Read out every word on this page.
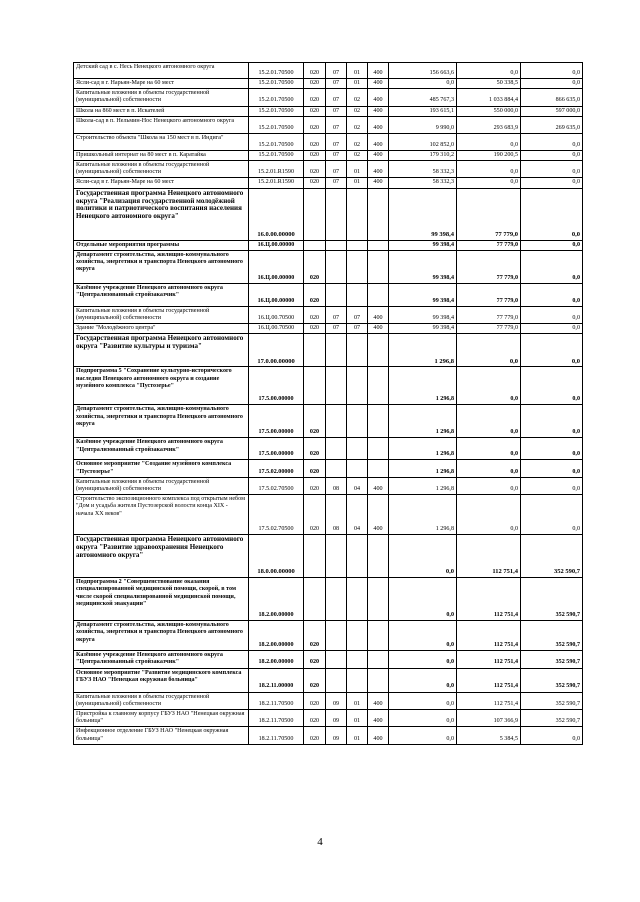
Детский сад в с. Несь Ненецкого автономного округа	15.2.01.70500	020	07	01	400	156 663,6	0,0	0,0
Ясли-сад в г. Нарьян-Маре на 60 мест	15.2.01.70500	020	07	01	400	0,0	50 338,5	0,0
Капитальные вложения в объекты государственной (муниципальной) собственности	15.2.01.70500	020	07	02	400	485 767,3	1 033 884,4	866 635,0
Школа на 860 мест в п. Искателей	15.2.01.70500	020	07	02	400	193 615,1	550 000,0	597 000,0
Школа-сад в п. Нельмин-Нос Ненецкого автономного округа	15.2.01.70500	020	07	02	400	9 990,0	293 683,9	269 635,0
Строительство объекта "Школа на 150 мест в п. Индига"	15.2.01.70500	020	07	02	400	102 852,0	0,0	0,0
Пришкольный интернат на 80 мест в п. Каратайка	15.2.01.70500	020	07	02	400	179 310,2	190 200,5	0,0
Капитальные вложения в объекты государственной (муниципальной) собственности	15.2.01.R1590	020	07	01	400	58 332,3	0,0	0,0
Ясли-сад в г. Нарьян-Маре на 60 мест	15.2.01.R1590	020	07	01	400	58 332,3	0,0	0,0
Государственная программа Ненецкого автономного округа "Реализация государственной молодёжной политики и патриотического воспитания населения Ненецкого автономного округа"	16.0.00.00000					99 398,4	77 779,0	0,0
Отдельные мероприятия программы	16.Ц.00.00000					99 398,4	77 779,0	0,0
Департамент строительства, жилищно-коммунального хозяйства, энергетики и транспорта Ненецкого автономного округа	16.Ц.00.00000	020				99 398,4	77 779,0	0,0
Казённое учреждение Ненецкого автономного округа "Централизованный стройзаказчик"	16.Ц.00.00000	020				99 398,4	77 779,0	0,0
Капитальные вложения в объекты государственной (муниципальной) собственности	16.Ц.00.70500	020	07	07	400	99 398,4	77 779,0	0,0
Здание "Молодёжного центра"	16.Ц.00.70500	020	07	07	400	99 398,4	77 779,0	0,0
Государственная программа Ненецкого автономного округа "Развитие культуры и туризма"	17.0.00.00000					1 296,8	0,0	0,0
Подпрограмма 5 "Сохранение культурно-исторического наследия Ненецкого автономного округа и создание музейного комплекса "Пустозерье"	17.5.00.00000					1 296,8	0,0	0,0
Департамент строительства, жилищно-коммунального хозяйства, энергетики и транспорта Ненецкого автономного округа	17.5.00.00000	020				1 296,8	0,0	0,0
Казённое учреждение Ненецкого автономного округа "Централизованный стройзаказчик"	17.5.00.00000	020				1 296,8	0,0	0,0
Основное мероприятие "Создание музейного комплекса "Пустозерье"	17.5.02.00000	020				1 296,8	0,0	0,0
Капитальные вложения в объекты государственной (муниципальной) собственности	17.5.02.70500	020	08	04	400	1 296,8	0,0	0,0
Строительство экспозиционного комплекса под открытым небом "Дом и усадьба жителя Пустозерской волости конца XIX - начала XX веков"	17.5.02.70500	020	08	04	400	1 296,8	0,0	0,0
Государственная программа Ненецкого автономного округа "Развитие здравоохранения Ненецкого автономного округа"	18.0.00.00000					0,0	112 751,4	352 590,7
Подпрограмма 2 "Совершенствование оказания специализированной медицинской помощи, скорой, в том числе скорой специализированной медицинской помощи, медицинской эвакуации"	18.2.00.00000					0,0	112 751,4	352 590,7
Департамент строительства, жилищно-коммунального хозяйства, энергетики и транспорта Ненецкого автономного округа	18.2.00.00000	020				0,0	112 751,4	352 590,7
Казённое учреждение Ненецкого автономного округа "Централизованный стройзаказчик"	18.2.00.00000	020				0,0	112 751,4	352 590,7
Основное мероприятие "Развитие медицинского комплекса ГБУЗ НАО "Ненецкая окружная больница"	18.2.11.00000	020				0,0	112 751,4	352 590,7
Капитальные вложения в объекты государственной (муниципальной) собственности	18.2.11.70500	020	09	01	400	0,0	112 751,4	352 590,7
Пристройка к главному корпусу ГБУЗ НАО "Ненецкая окружная больница"	18.2.11.70500	020	09	01	400	0,0	107 366,9	352 590,7
Инфекционное отделение ГБУЗ НАО "Ненецкая окружная больница"	18.2.11.70500	020	09	01	400	0,0	5 384,5	0,0
4
